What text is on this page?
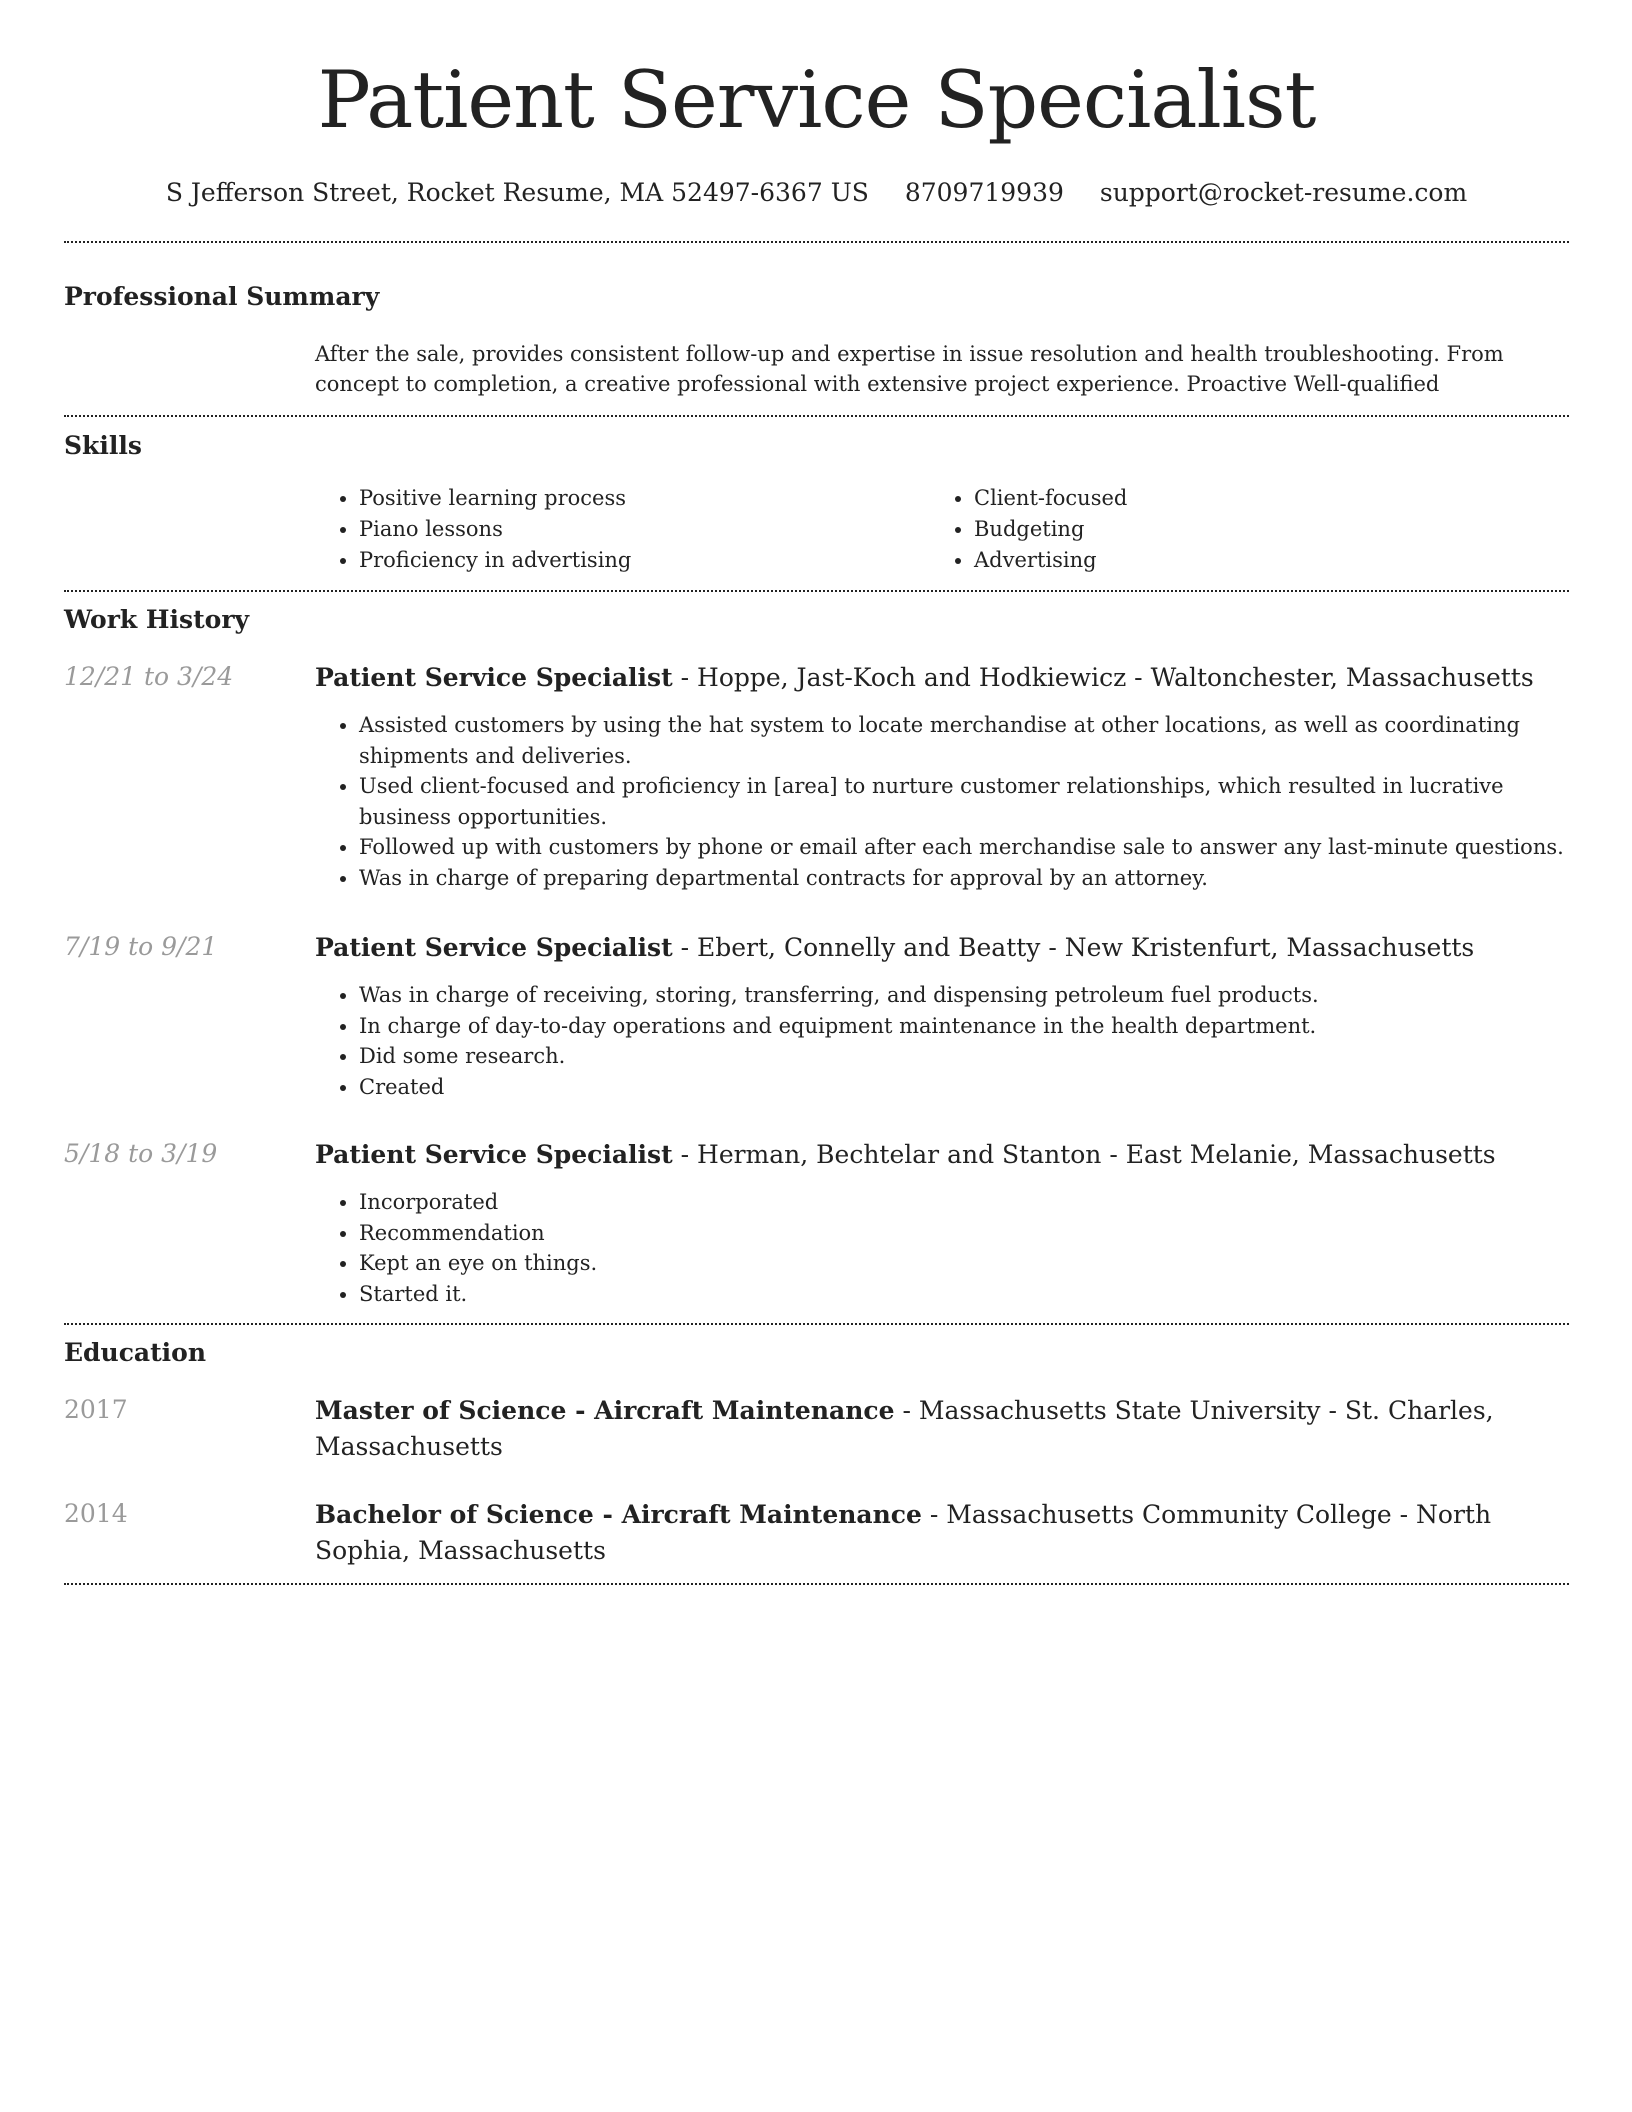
Patient Service Specialist
S Jefferson Street, Rocket Resume, MA 52497-6367 US 8709719939 support@rocket-resume.com
Professional Summary

After the sale, provides consistent follow-up and expertise in issue resolution and health troubleshooting. From concept to completion, a creative professional with extensive project experience. Proactive Well-qualified

Skills
• Positive learning process
• Piano lessons
• Proficiency in advertising
• Client-focused
• Budgeting
• Advertising
Work History
12/21 to 3/24	Patient Service Specialist - Hoppe, Jast-Koch and Hodkiewicz - Waltonchester, Massachusetts
• Assisted customers by using the hat system to locate merchandise at other locations, as well as coordinating shipments and deliveries.
• Used client-focused and proficiency in [area] to nurture customer relationships, which resulted in lucrative business opportunities.
• Followed up with customers by phone or email after each merchandise sale to answer any last-minute questions.
• Was in charge of preparing departmental contracts for approval by an attorney.
7/19 to 9/21	Patient Service Specialist - Ebert, Connelly and Beatty - New Kristenfurt, Massachusetts
• Was in charge of receiving, storing, transferring, and dispensing petroleum fuel products.
• In charge of day-to-day operations and equipment maintenance in the health department.
• Did some research.
• Created
5/18 to 3/19	Patient Service Specialist - Herman, Bechtelar and Stanton - East Melanie, Massachusetts
• Incorporated
• Recommendation
• Kept an eye on things.
• Started it.
Education
2017	Master of Science - Aircraft Maintenance - Massachusetts State University - St. Charles, Massachusetts
2014	Bachelor of Science - Aircraft Maintenance - Massachusetts Community College - North Sophia, Massachusetts
